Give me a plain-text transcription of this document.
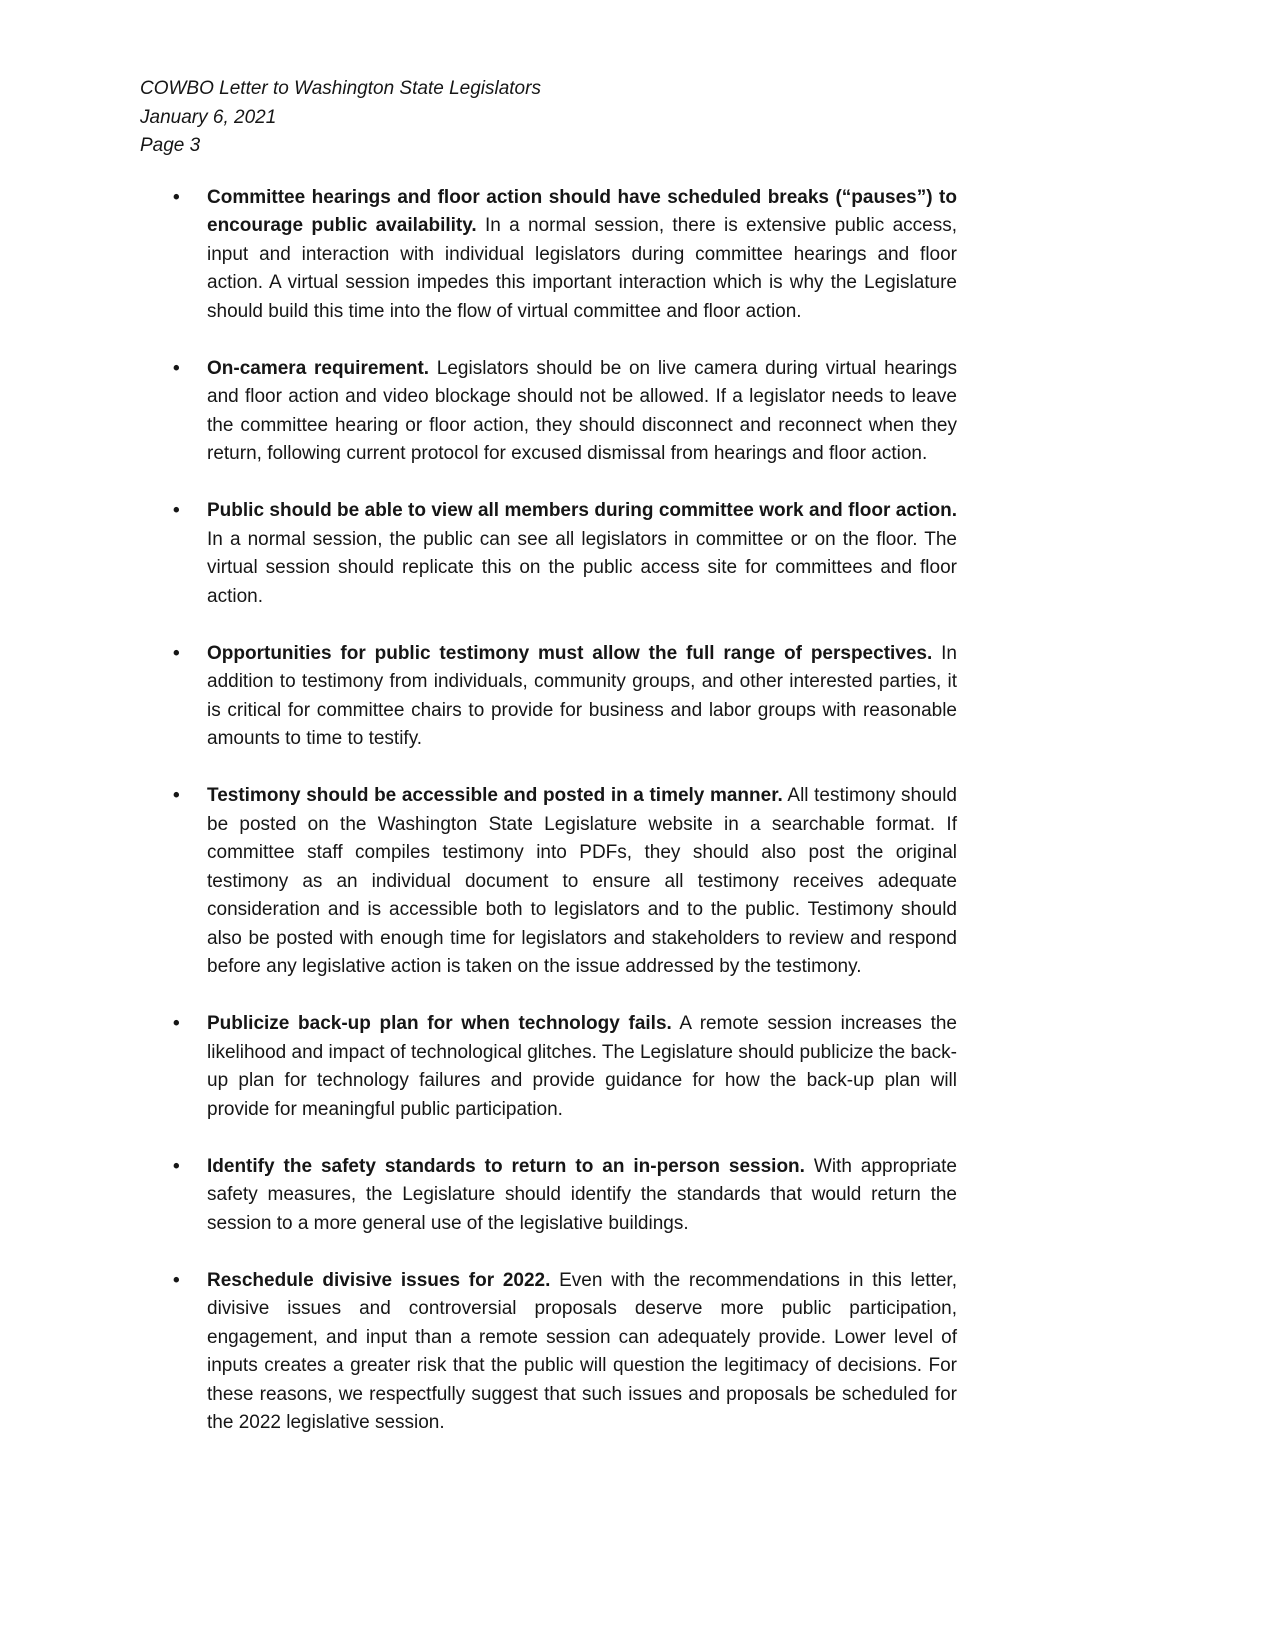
COWBO Letter to Washington State Legislators

January 6, 2021

Page 3

• Committee hearings and floor action should have scheduled breaks (“pauses”) to encourage public availability. In a normal session, there is extensive public access, input and interaction with individual legislators during committee hearings and floor action. A virtual session impedes this important interaction which is why the Legislature should build this time into the flow of virtual committee and floor action.
• On-camera requirement. Legislators should be on live camera during virtual hearings and floor action and video blockage should not be allowed. If a legislator needs to leave the committee hearing or floor action, they should disconnect and reconnect when they return, following current protocol for excused dismissal from hearings and floor action.
• Public should be able to view all members during committee work and floor action. In a normal session, the public can see all legislators in committee or on the floor. The virtual session should replicate this on the public access site for committees and floor action.
• Opportunities for public testimony must allow the full range of perspectives. In addition to testimony from individuals, community groups, and other interested parties, it is critical for committee chairs to provide for business and labor groups with reasonable amounts to time to testify.
• Testimony should be accessible and posted in a timely manner. All testimony should be posted on the Washington State Legislature website in a searchable format. If committee staff compiles testimony into PDFs, they should also post the original testimony as an individual document to ensure all testimony receives adequate consideration and is accessible both to legislators and to the public. Testimony should also be posted with enough time for legislators and stakeholders to review and respond before any legislative action is taken on the issue addressed by the testimony.
• Publicize back-up plan for when technology fails. A remote session increases the likelihood and impact of technological glitches. The Legislature should publicize the back-up plan for technology failures and provide guidance for how the back-up plan will provide for meaningful public participation.
• Identify the safety standards to return to an in-person session. With appropriate safety measures, the Legislature should identify the standards that would return the session to a more general use of the legislative buildings.
• Reschedule divisive issues for 2022. Even with the recommendations in this letter, divisive issues and controversial proposals deserve more public participation, engagement, and input than a remote session can adequately provide. Lower level of inputs creates a greater risk that the public will question the legitimacy of decisions. For these reasons, we respectfully suggest that such issues and proposals be scheduled for the 2022 legislative session.
